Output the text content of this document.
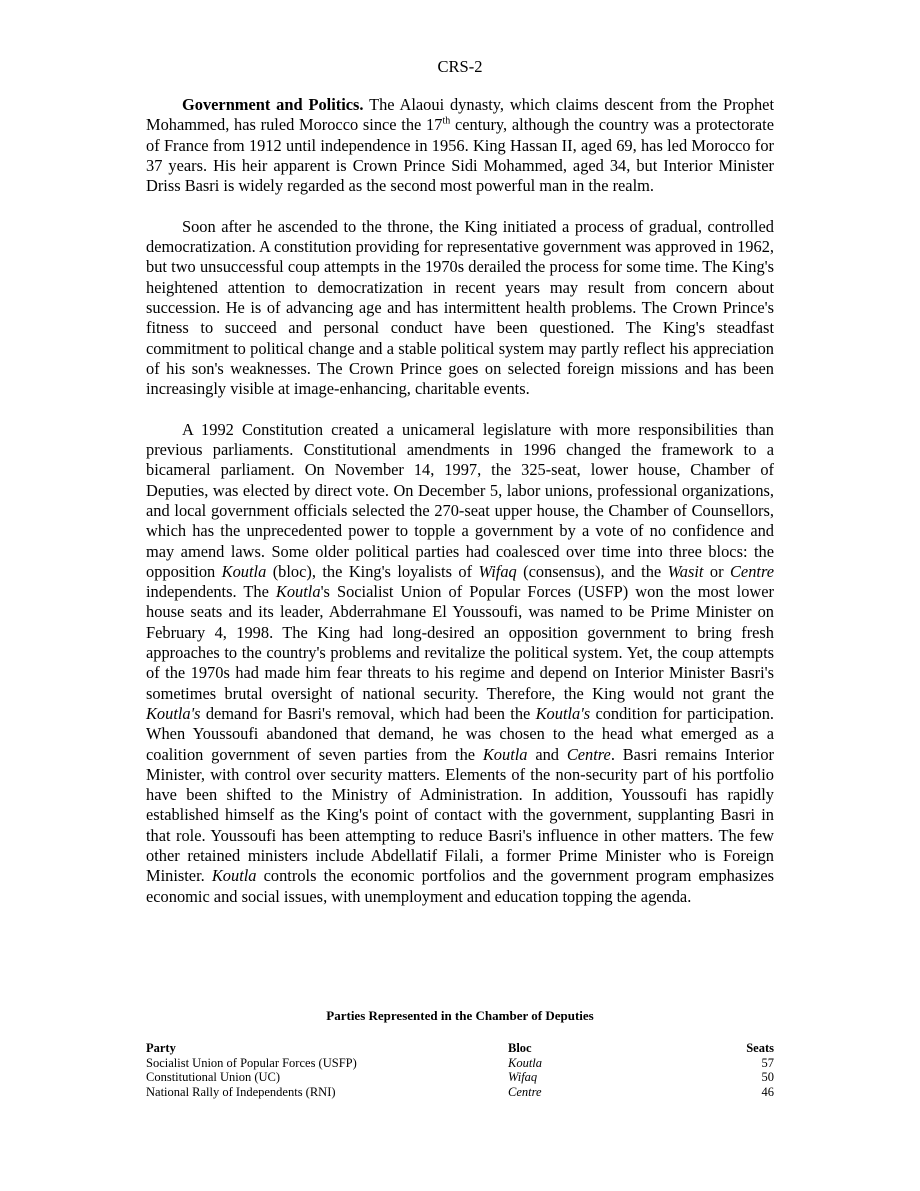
CRS-2

Government and Politics. The Alaoui dynasty, which claims descent from the Prophet Mohammed, has ruled Morocco since the 17th century, although the country was a protectorate of France from 1912 until independence in 1956. King Hassan II, aged 69, has led Morocco for 37 years. His heir apparent is Crown Prince Sidi Mohammed, aged 34, but Interior Minister Driss Basri is widely regarded as the second most powerful man in the realm.

Soon after he ascended to the throne, the King initiated a process of gradual, controlled democratization. A constitution providing for representative government was approved in 1962, but two unsuccessful coup attempts in the 1970s derailed the process for some time. The King's heightened attention to democratization in recent years may result from concern about succession. He is of advancing age and has intermittent health problems. The Crown Prince's fitness to succeed and personal conduct have been questioned. The King's steadfast commitment to political change and a stable political system may partly reflect his appreciation of his son's weaknesses. The Crown Prince goes on selected foreign missions and has been increasingly visible at image-enhancing, charitable events.

A 1992 Constitution created a unicameral legislature with more responsibilities than previous parliaments. Constitutional amendments in 1996 changed the framework to a bicameral parliament. On November 14, 1997, the 325-seat, lower house, Chamber of Deputies, was elected by direct vote. On December 5, labor unions, professional organizations, and local government officials selected the 270-seat upper house, the Chamber of Counsellors, which has the unprecedented power to topple a government by a vote of no confidence and may amend laws. Some older political parties had coalesced over time into three blocs: the opposition Koutla (bloc), the King's loyalists of Wifaq (consensus), and the Wasit or Centre independents. The Koutla's Socialist Union of Popular Forces (USFP) won the most lower house seats and its leader, Abderrahmane El Youssoufi, was named to be Prime Minister on February 4, 1998. The King had long-desired an opposition government to bring fresh approaches to the country's problems and revitalize the political system. Yet, the coup attempts of the 1970s had made him fear threats to his regime and depend on Interior Minister Basri's sometimes brutal oversight of national security. Therefore, the King would not grant the Koutla's demand for Basri's removal, which had been the Koutla's condition for participation. When Youssoufi abandoned that demand, he was chosen to the head what emerged as a coalition government of seven parties from the Koutla and Centre. Basri remains Interior Minister, with control over security matters. Elements of the non-security part of his portfolio have been shifted to the Ministry of Administration. In addition, Youssoufi has rapidly established himself as the King's point of contact with the government, supplanting Basri in that role. Youssoufi has been attempting to reduce Basri's influence in other matters. The few other retained ministers include Abdellatif Filali, a former Prime Minister who is Foreign Minister. Koutla controls the economic portfolios and the government program emphasizes economic and social issues, with unemployment and education topping the agenda.

Parties Represented in the Chamber of Deputies
Party	Bloc	Seats
Socialist Union of Popular Forces (USFP)	Koutla	57
Constitutional Union (UC)	Wifaq	50
National Rally of Independents (RNI)	Centre	46
